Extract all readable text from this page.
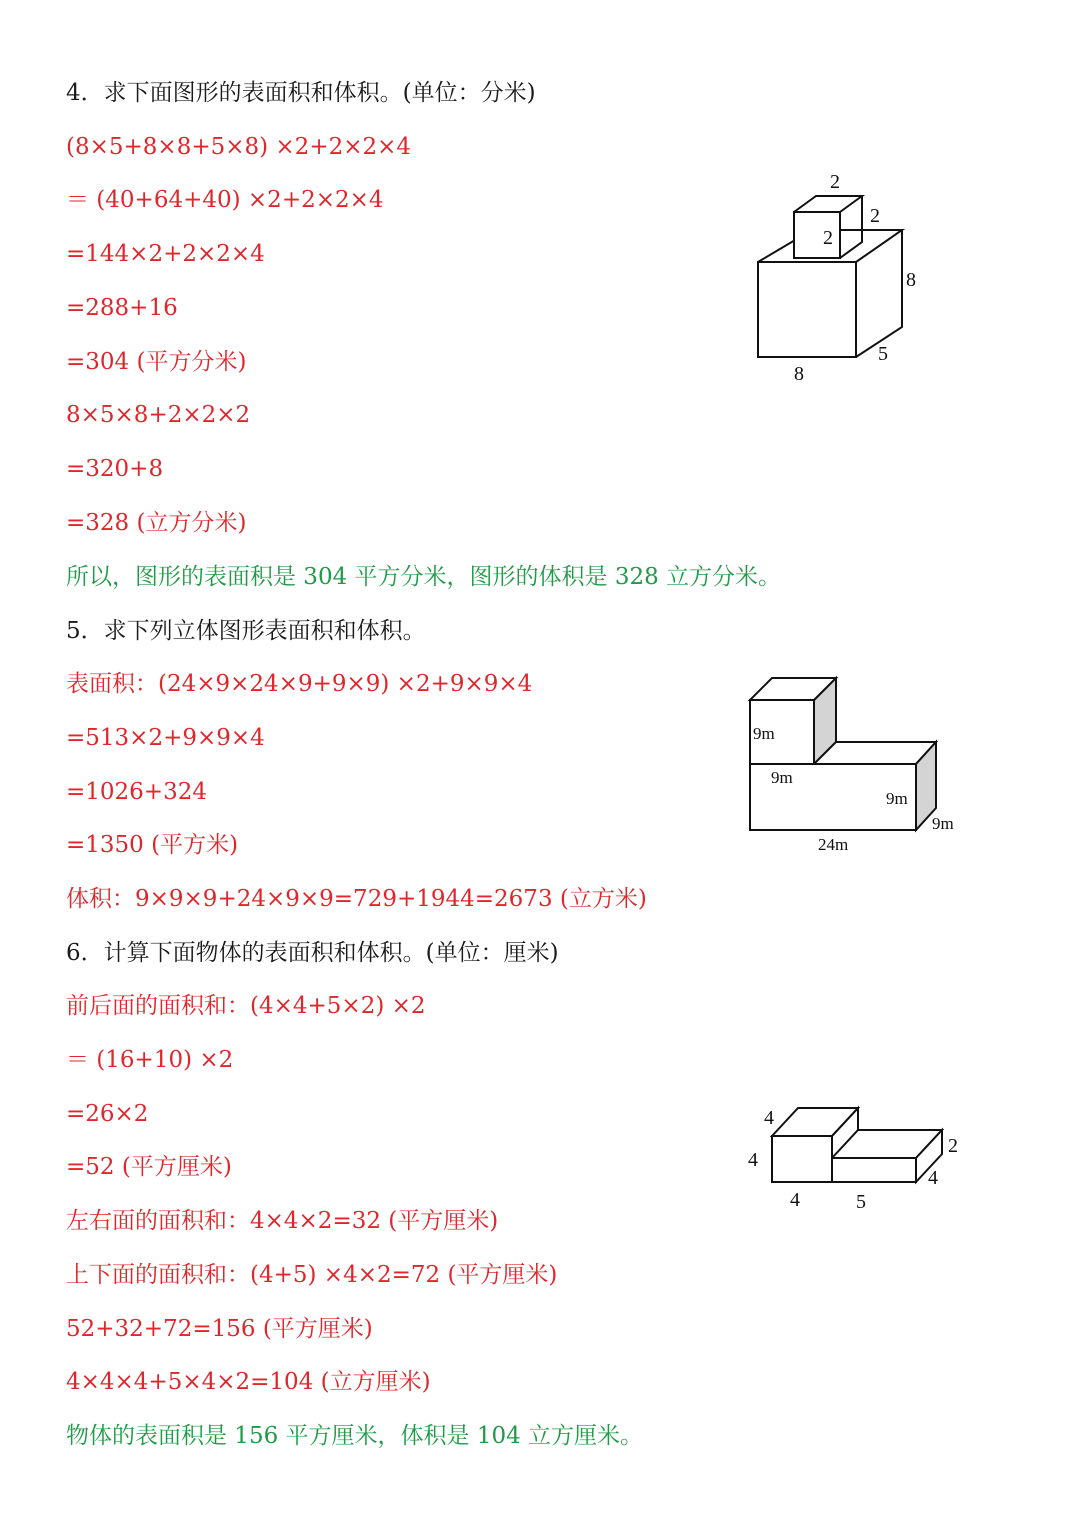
4．求下面图形的表面积和体积。(单位：分米)
(8×5+8×8+5×8) ×2+2×2×4
＝ (40+64+40) ×2+2×2×4
=144×2+2×2×4
=288+16
=304 (平方分米)
8×5×8+2×2×2
=320+8
=328 (立方分米)
所以，图形的表面积是 304 平方分米，图形的体积是 328 立方分米。
2
2
2
8
5
8
5．求下列立体图形表面积和体积。
表面积：(24×9×24×9+9×9) ×2+9×9×4
=513×2+9×9×4
=1026+324
=1350 (平方米)
体积：9×9×9+24×9×9=729+1944=2673 (立方米)
9m
9m
9m
9m
24m
6．计算下面物体的表面积和体积。(单位：厘米)
前后面的面积和：(4×4+5×2) ×2
＝ (16+10) ×2
=26×2
=52 (平方厘米)
左右面的面积和：4×4×2=32 (平方厘米)
上下面的面积和：(4+5) ×4×2=72 (平方厘米)
52+32+72=156 (平方厘米)
4×4×4+5×4×2=104 (立方厘米)
物体的表面积是 156 平方厘米，体积是 104 立方厘米。
4
4
4	5
2
4
